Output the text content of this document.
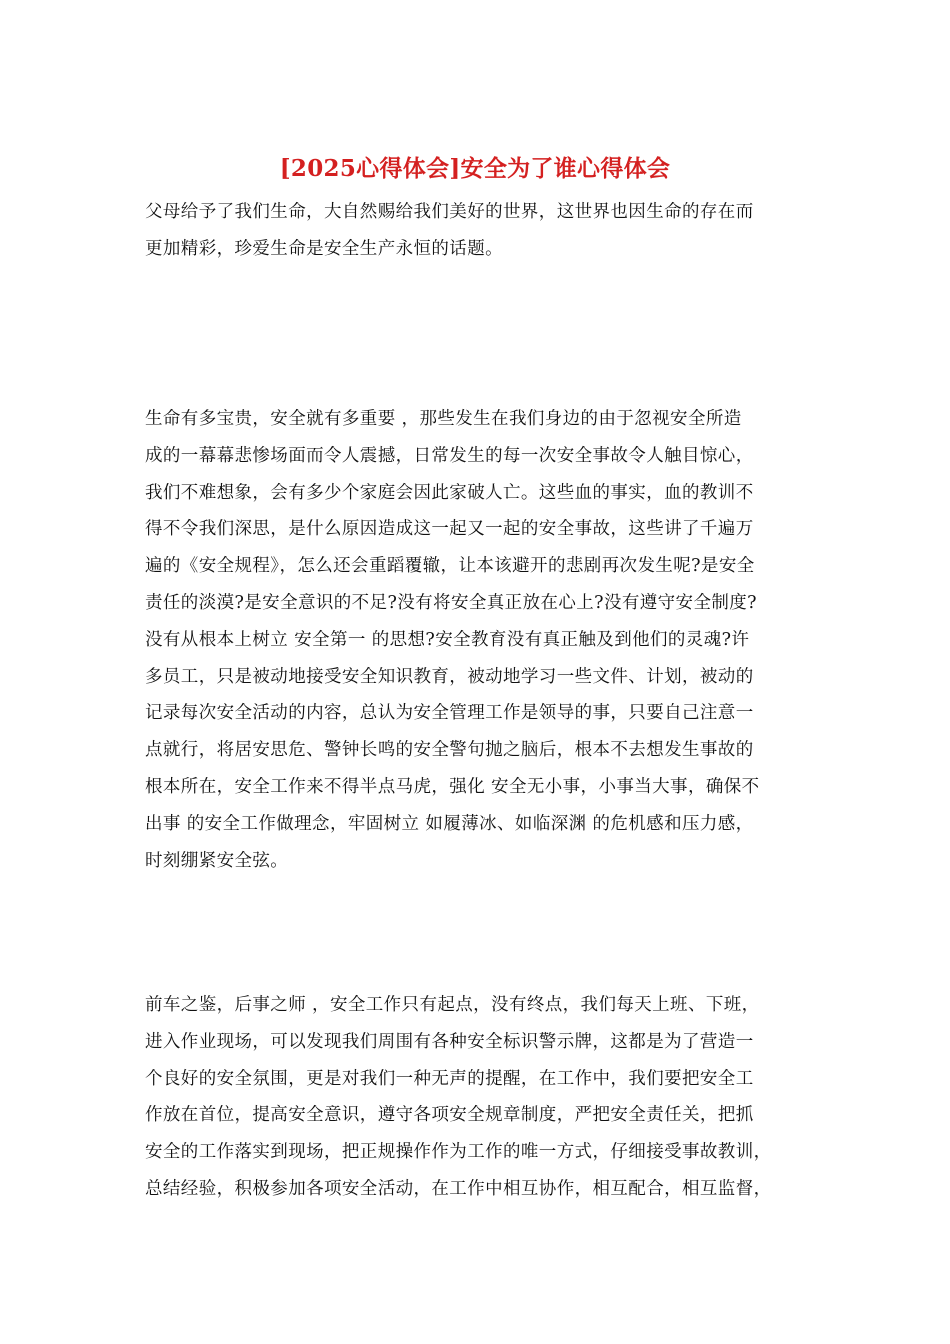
[2025心得体会]安全为了谁心得体会
父母给予了我们生命，大自然赐给我们美好的世界，这世界也因生命的存在而
更加精彩，珍爱生命是安全生产永恒的话题。
生命有多宝贵，安全就有多重要 ，那些发生在我们身边的由于忽视安全所造
成的一幕幕悲惨场面而令人震撼，日常发生的每一次安全事故令人触目惊心，
我们不难想象，会有多少个家庭会因此家破人亡。这些血的事实，血的教训不
得不令我们深思，是什么原因造成这一起又一起的安全事故，这些讲了千遍万
遍的《安全规程》，怎么还会重蹈覆辙，让本该避开的悲剧再次发生呢?是安全
责任的淡漠?是安全意识的不足?没有将安全真正放在心上?没有遵守安全制度?
没有从根本上树立 安全第一 的思想?安全教育没有真正触及到他们的灵魂?许
多员工，只是被动地接受安全知识教育，被动地学习一些文件、计划，被动的
记录每次安全活动的内容，总认为安全管理工作是领导的事，只要自己注意一
点就行，将居安思危、警钟长鸣的安全警句抛之脑后，根本不去想发生事故的
根本所在，安全工作来不得半点马虎，强化 安全无小事，小事当大事，确保不
出事 的安全工作做理念，牢固树立 如履薄冰、如临深渊 的危机感和压力感，
时刻绷紧安全弦。
前车之鉴，后事之师 ，安全工作只有起点，没有终点，我们每天上班、下班，
进入作业现场，可以发现我们周围有各种安全标识警示牌，这都是为了营造一
个良好的安全氛围，更是对我们一种无声的提醒，在工作中，我们要把安全工
作放在首位，提高安全意识，遵守各项安全规章制度，严把安全责任关，把抓
安全的工作落实到现场，把正规操作作为工作的唯一方式，仔细接受事故教训，
总结经验，积极参加各项安全活动，在工作中相互协作，相互配合，相互监督，
